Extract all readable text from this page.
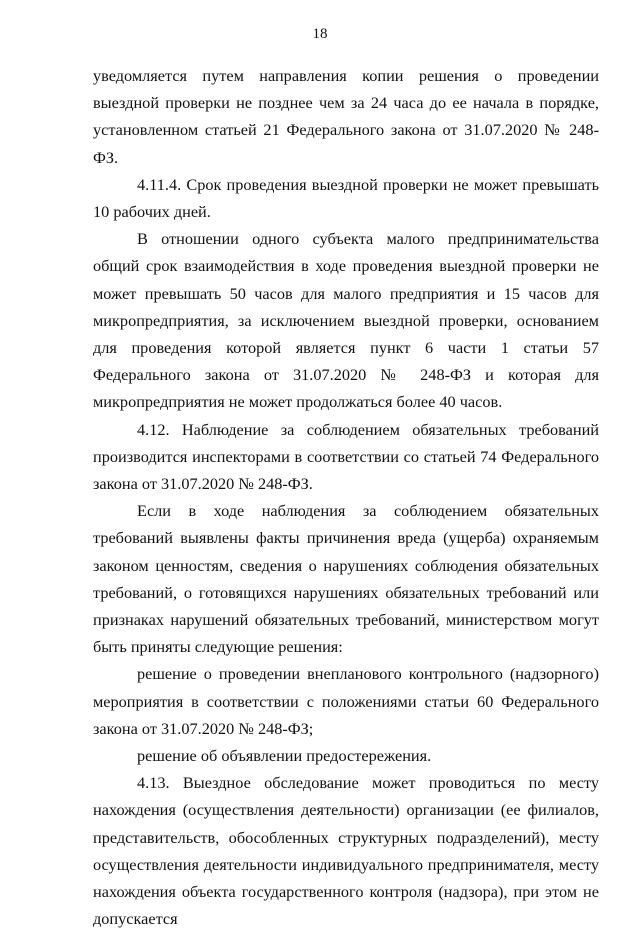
18

уведомляется путем направления копии решения о проведении выездной проверки не позднее чем за 24 часа до ее начала в порядке, установленном статьей 21 Федерального закона от 31.07.2020 № 248-ФЗ.

4.11.4. Срок проведения выездной проверки не может превышать 10 рабочих дней.

В отношении одного субъекта малого предпринимательства общий срок взаимодействия в ходе проведения выездной проверки не может превышать 50 часов для малого предприятия и 15 часов для микропредприятия, за исключением выездной проверки, основанием для проведения которой является пункт 6 части 1 статьи 57 Федерального закона от 31.07.2020 № 248-ФЗ и которая для микропредприятия не может продолжаться более 40 часов.

4.12. Наблюдение за соблюдением обязательных требований производится инспекторами в соответствии со статьей 74 Федерального закона от 31.07.2020 № 248-ФЗ.

Если в ходе наблюдения за соблюдением обязательных требований выявлены факты причинения вреда (ущерба) охраняемым законом ценностям, сведения о нарушениях соблюдения обязательных требований, о готовящихся нарушениях обязательных требований или признаках нарушений обязательных требований, министерством могут быть приняты следующие решения:

решение о проведении внепланового контрольного (надзорного) мероприятия в соответствии с положениями статьи 60 Федерального закона от 31.07.2020 № 248-ФЗ;

решение об объявлении предостережения.

4.13. Выездное обследование может проводиться по месту нахождения (осуществления деятельности) организации (ее филиалов, представительств, обособленных структурных подразделений), месту осуществления деятельности индивидуального предпринимателя, месту нахождения объекта государственного контроля (надзора), при этом не допускается
